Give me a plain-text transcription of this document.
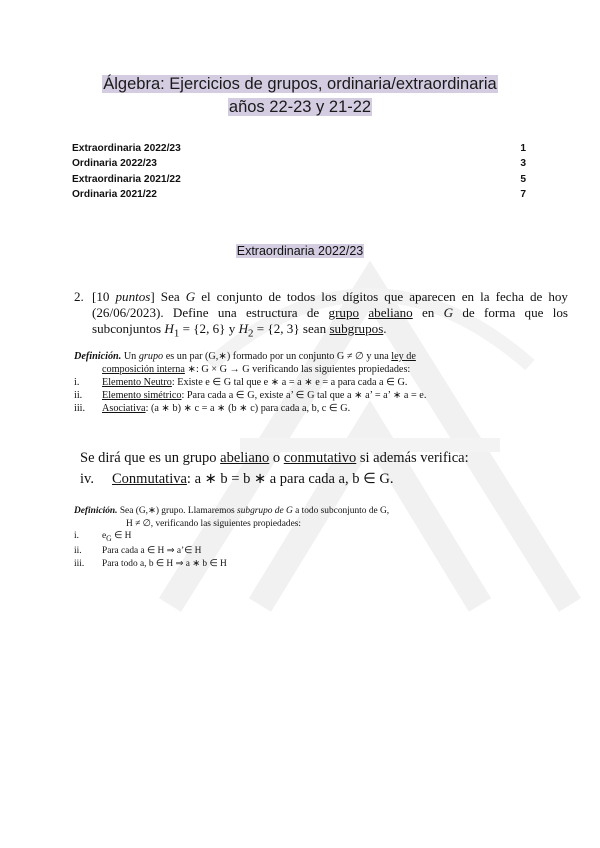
Álgebra: Ejercicios de grupos, ordinaria/extraordinaria
años 22-23 y 21-22
Extraordinaria 2022/23	1
Ordinaria 2022/23	3
Extraordinaria 2021/22	5
Ordinaria 2021/22	7
Extraordinaria 2022/23
2. [10 puntos] Sea G el conjunto de todos los dígitos que aparecen en la fecha de hoy (26/06/2023). Define una estructura de grupo abeliano en G de forma que los subconjuntos $H_1 = \{2$, 6} y $H_2 = \{2$, 3} sean subgrupos.
Definición. Un grupo es un par (G,∗) formado por un conjunto G ≠ ∅ y una ley de
composición interna ∗: G × G → G verificando las siguientes propiedades:
i.	Elemento Neutro: Existe e ∈ G tal que e ∗ a = a ∗ e = a para cada a ∈ G.
ii.	Elemento simétrico: Para cada a ∈ G, existe a’ ∈ G tal que a ∗ a’ = a’ ∗ a = e.
iii.	Asociativa: (a ∗ b) ∗ c = a ∗ (b ∗ c) para cada a, b, c ∈ G.
Se dirá que es un grupo abeliano o conmutativo si además verifica:
iv. Conmutativa: a ∗ b = b ∗ a para cada a, b ∈ G.
Definición. Sea (G,∗) grupo. Llamaremos subgrupo de G a todo subconjunto de G,
H ≠ ∅, verificando las siguientes propiedades:
i.	$e_G$ ∈ H
ii.	Para cada a ∈ H ⇒ a’∈ H
iii.	Para todo a, b ∈ H ⇒ a ∗ b ∈ H
